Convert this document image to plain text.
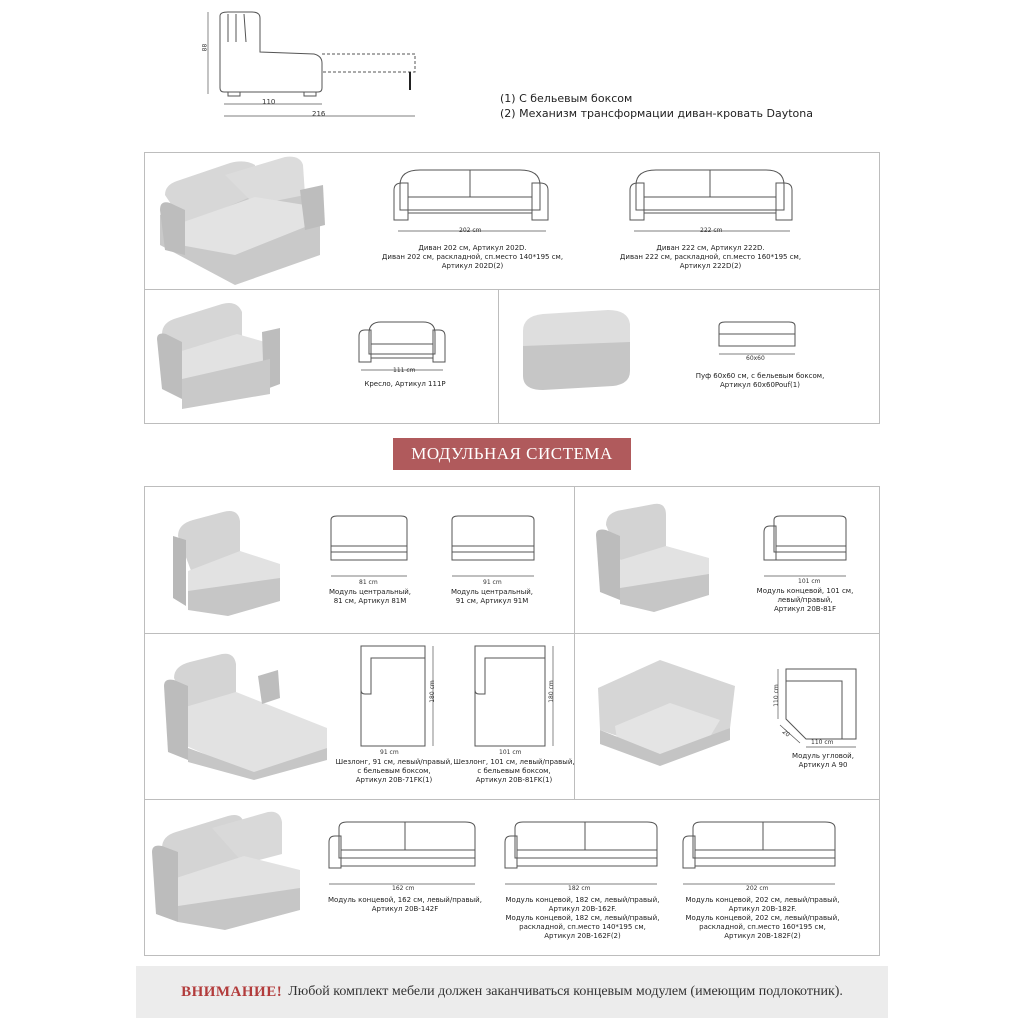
88
110
216
(1) С бельевым боксом
(2) Механизм трансформации диван-кровать Daytona
202 cm
Диван 202 см, Артикул 202D.
Диван 202 см, раскладной, сп.место 140*195 см,
Артикул 202D(2)
222 cm
Диван 222 см, Артикул 222D.
Диван 222 см, раскладной, сп.место 160*195 см,
Артикул 222D(2)
111 cm
Кресло, Артикул 111P
60x60
Пуф 60x60 см, с бельевым боксом,
Артикул 60x60Pouf(1)
МОДУЛЬНАЯ СИСТЕМА
81 cm
Модуль центральный,
81 см, Артикул 81M
91 cm
Модуль центральный,
91 см, Артикул 91M
101 cm
Модуль концевой, 101 см,
левый/правый,
Артикул 20B-81F
180 cm
91 cm
Шезлонг, 91 см, левый/правый,
с бельевым боксом,
Артикул 20B-71FK(1)
180 cm
101 cm
Шезлонг, 101 см, левый/правый,
с бельевым боксом,
Артикул 20B-81FK(1)
110 cm
110 cm
20
Модуль угловой,
Артикул A 90
162 cm
Модуль концевой, 162 см, левый/правый,
Артикул 20B-142F
182 cm
Модуль концевой, 182 см, левый/правый,
Артикул 20B-162F.
Модуль концевой, 182 см, левый/правый,
раскладной, сп.место 140*195 см,
Артикул 20B-162F(2)
202 cm
Модуль концевой, 202 см, левый/правый,
Артикул 20B-182F.
Модуль концевой, 202 см, левый/правый,
раскладной, сп.место 160*195 см,
Артикул 20B-182F(2)
ВНИМАНИЕ! Любой комплект мебели должен заканчиваться концевым модулем (имеющим подлокотник).
